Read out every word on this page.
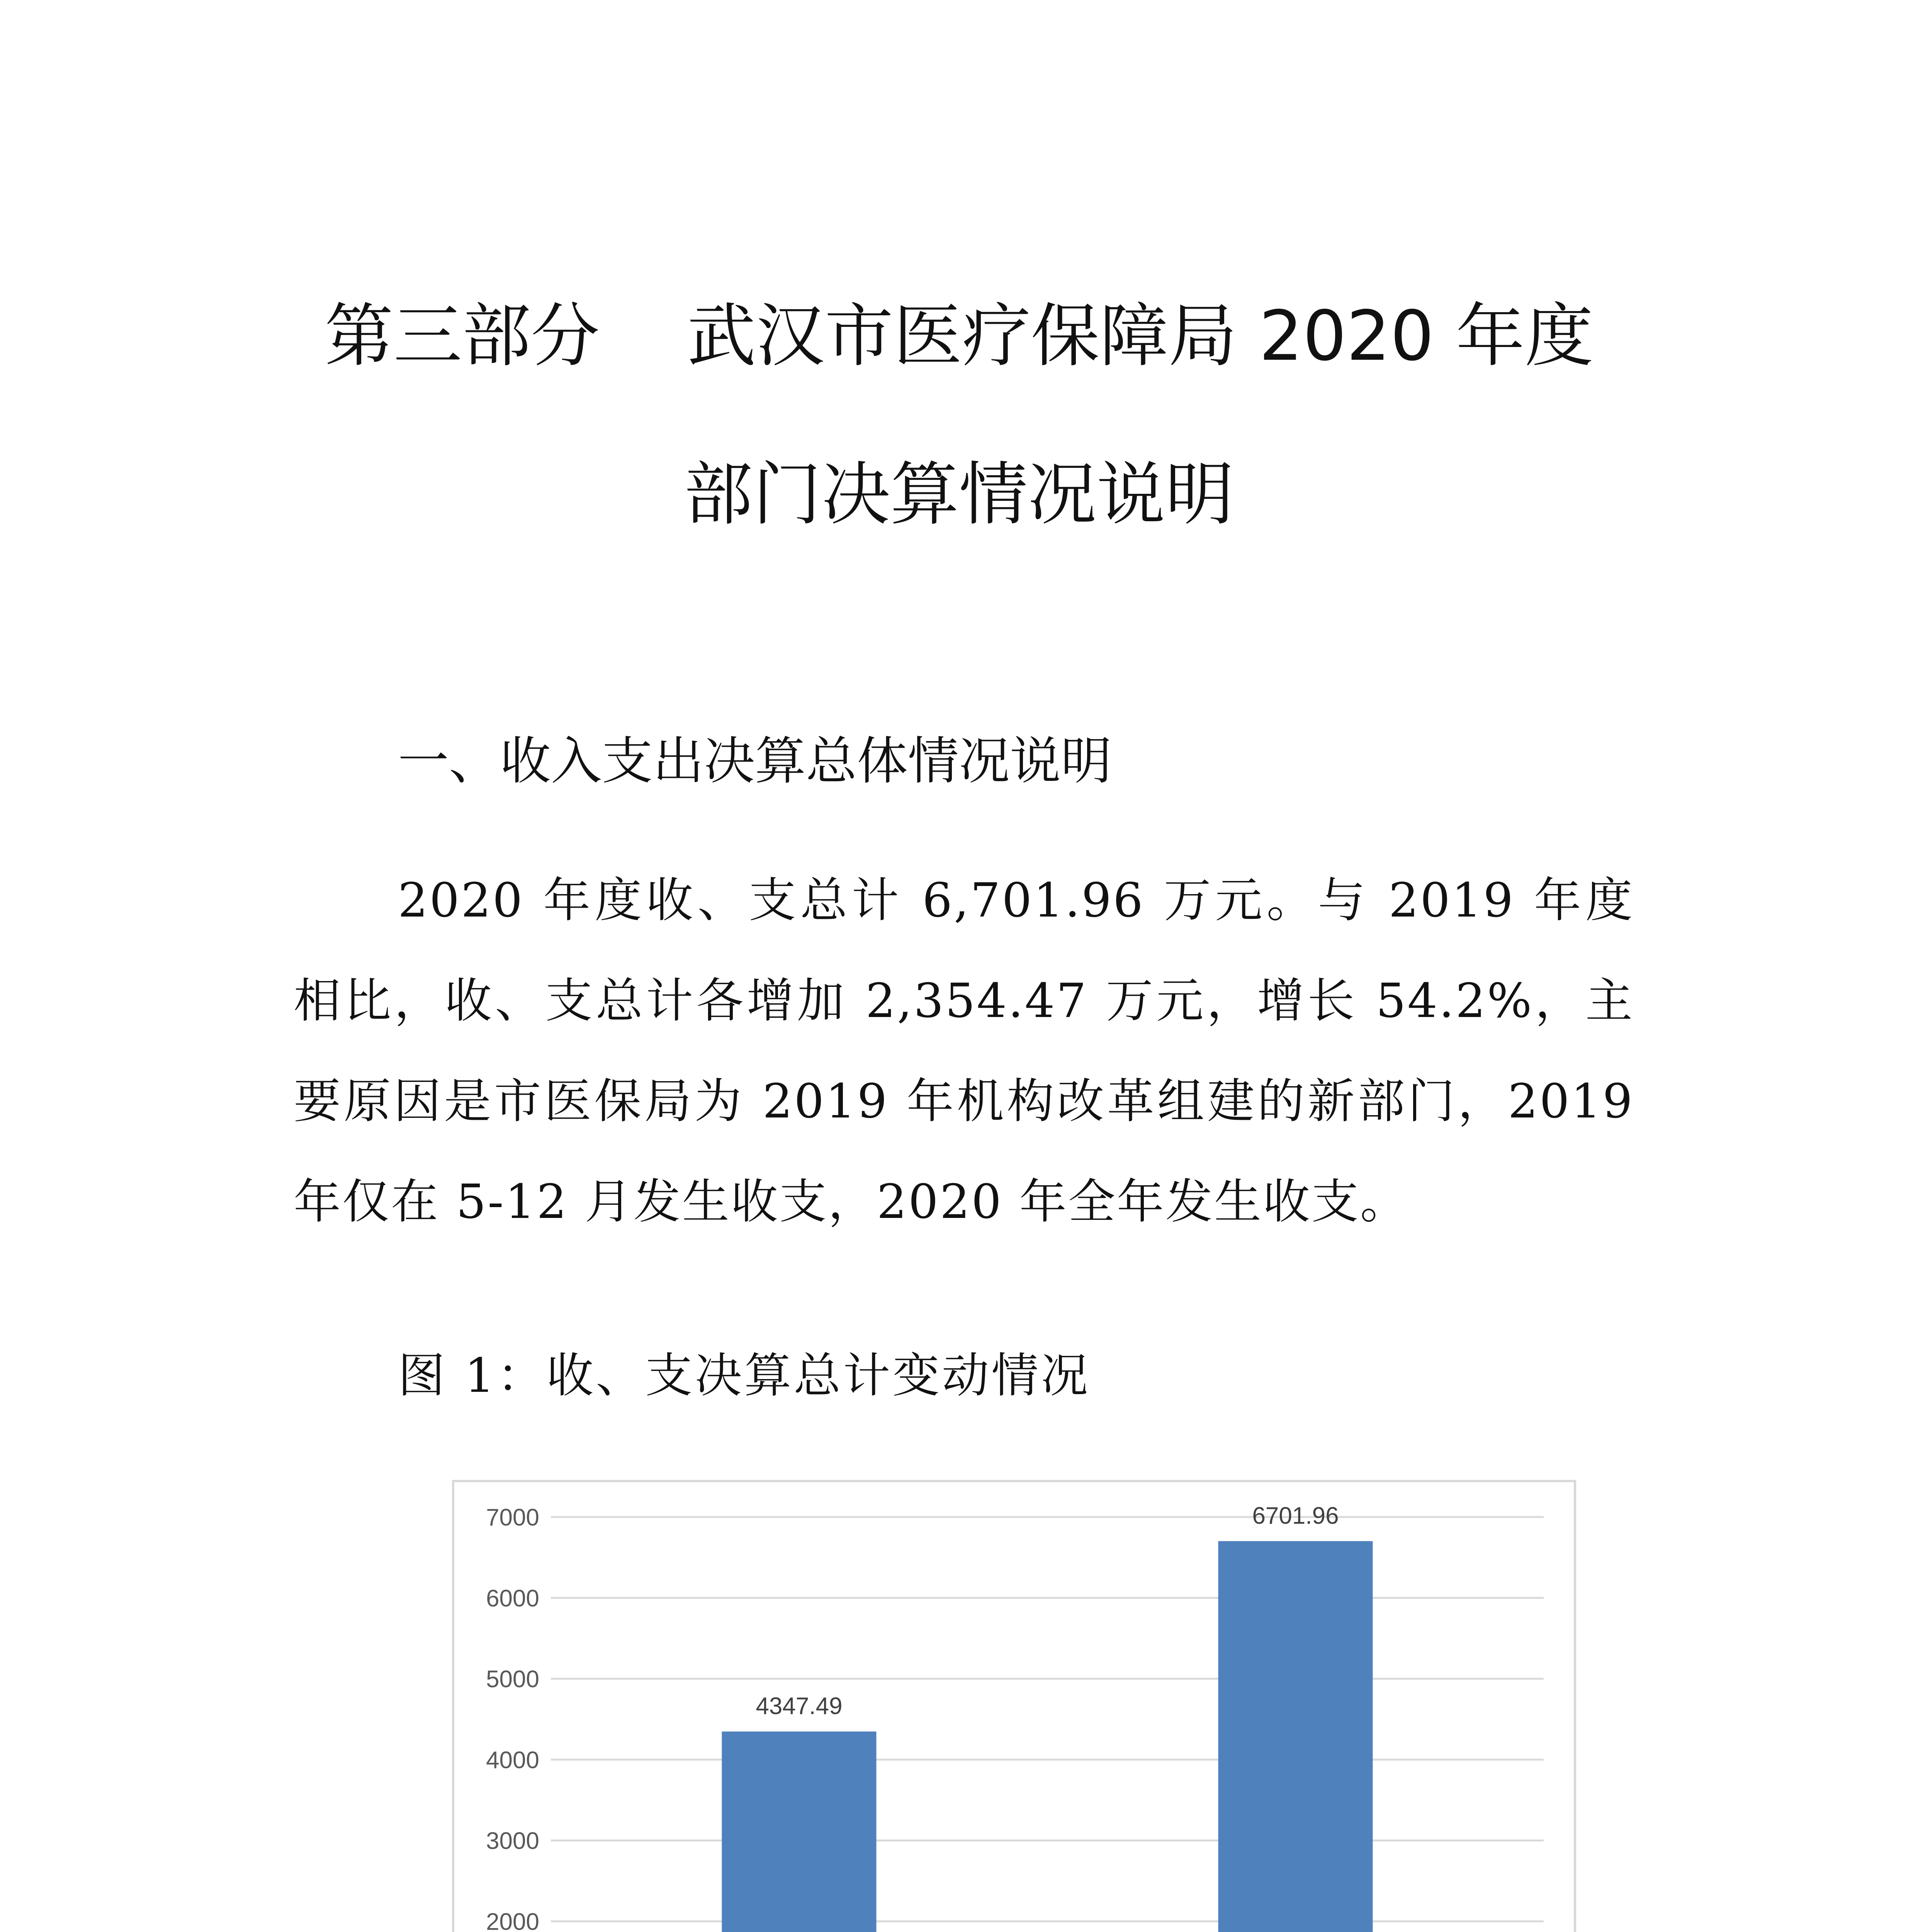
第三部分    武汉市医疗保障局 2020 年度
部门决算情况说明
一、收入支出决算总体情况说明

2020 年度收、支总计 6,701.96 万元。与 2019 年度相比，收、支总计各增加 2,354.47 万元，增长 54.2%，主要原因是市医保局为 2019 年机构改革组建的新部门，2019 年仅在 5-12 月发生收支，2020 年全年发生收支。

图 1：收、支决算总计变动情况
2000
3000
4000
5000
6000
7000
4347.49
6701.96
